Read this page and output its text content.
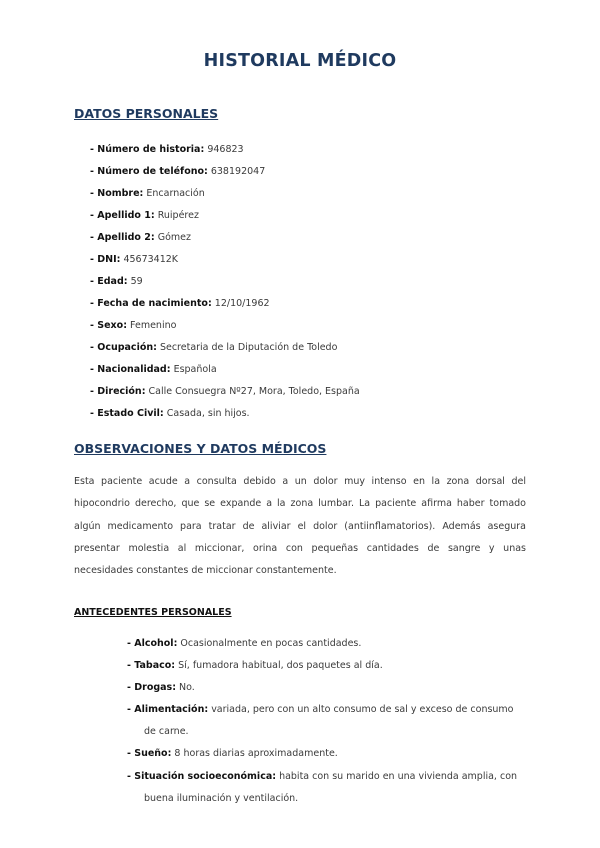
HISTORIAL MÉDICO
DATOS PERSONALES
- Número de historia: 946823
- Número de teléfono: 638192047
- Nombre: Encarnación
- Apellido 1: Ruipérez
- Apellido 2: Gómez
- DNI: 45673412K
- Edad: 59
- Fecha de nacimiento: 12/10/1962
- Sexo: Femenino
- Ocupación: Secretaria de la Diputación de Toledo
- Nacionalidad: Española
- Direción: Calle Consuegra Nº27, Mora, Toledo, España
- Estado Civil: Casada, sin hijos.
OBSERVACIONES Y DATOS MÉDICOS
Esta paciente acude a consulta debido a un dolor muy intenso en la zona dorsal del hipocondrio derecho, que se expande a la zona lumbar. La paciente afirma haber tomado algún medicamento para tratar de aliviar el dolor (antiinflamatorios). Además asegura presentar molestia al miccionar, orina con pequeñas cantidades de sangre y unas necesidades constantes de miccionar constantemente.
ANTECEDENTES PERSONALES
- Alcohol: Ocasionalmente en pocas cantidades.
- Tabaco: Sí, fumadora habitual, dos paquetes al día.
- Drogas: No.
- Alimentación: variada, pero con un alto consumo de sal y exceso de consumo de carne.
- Sueño: 8 horas diarias aproximadamente.
- Situación socioeconómica: habita con su marido en una vivienda amplia, con buena iluminación y ventilación.
